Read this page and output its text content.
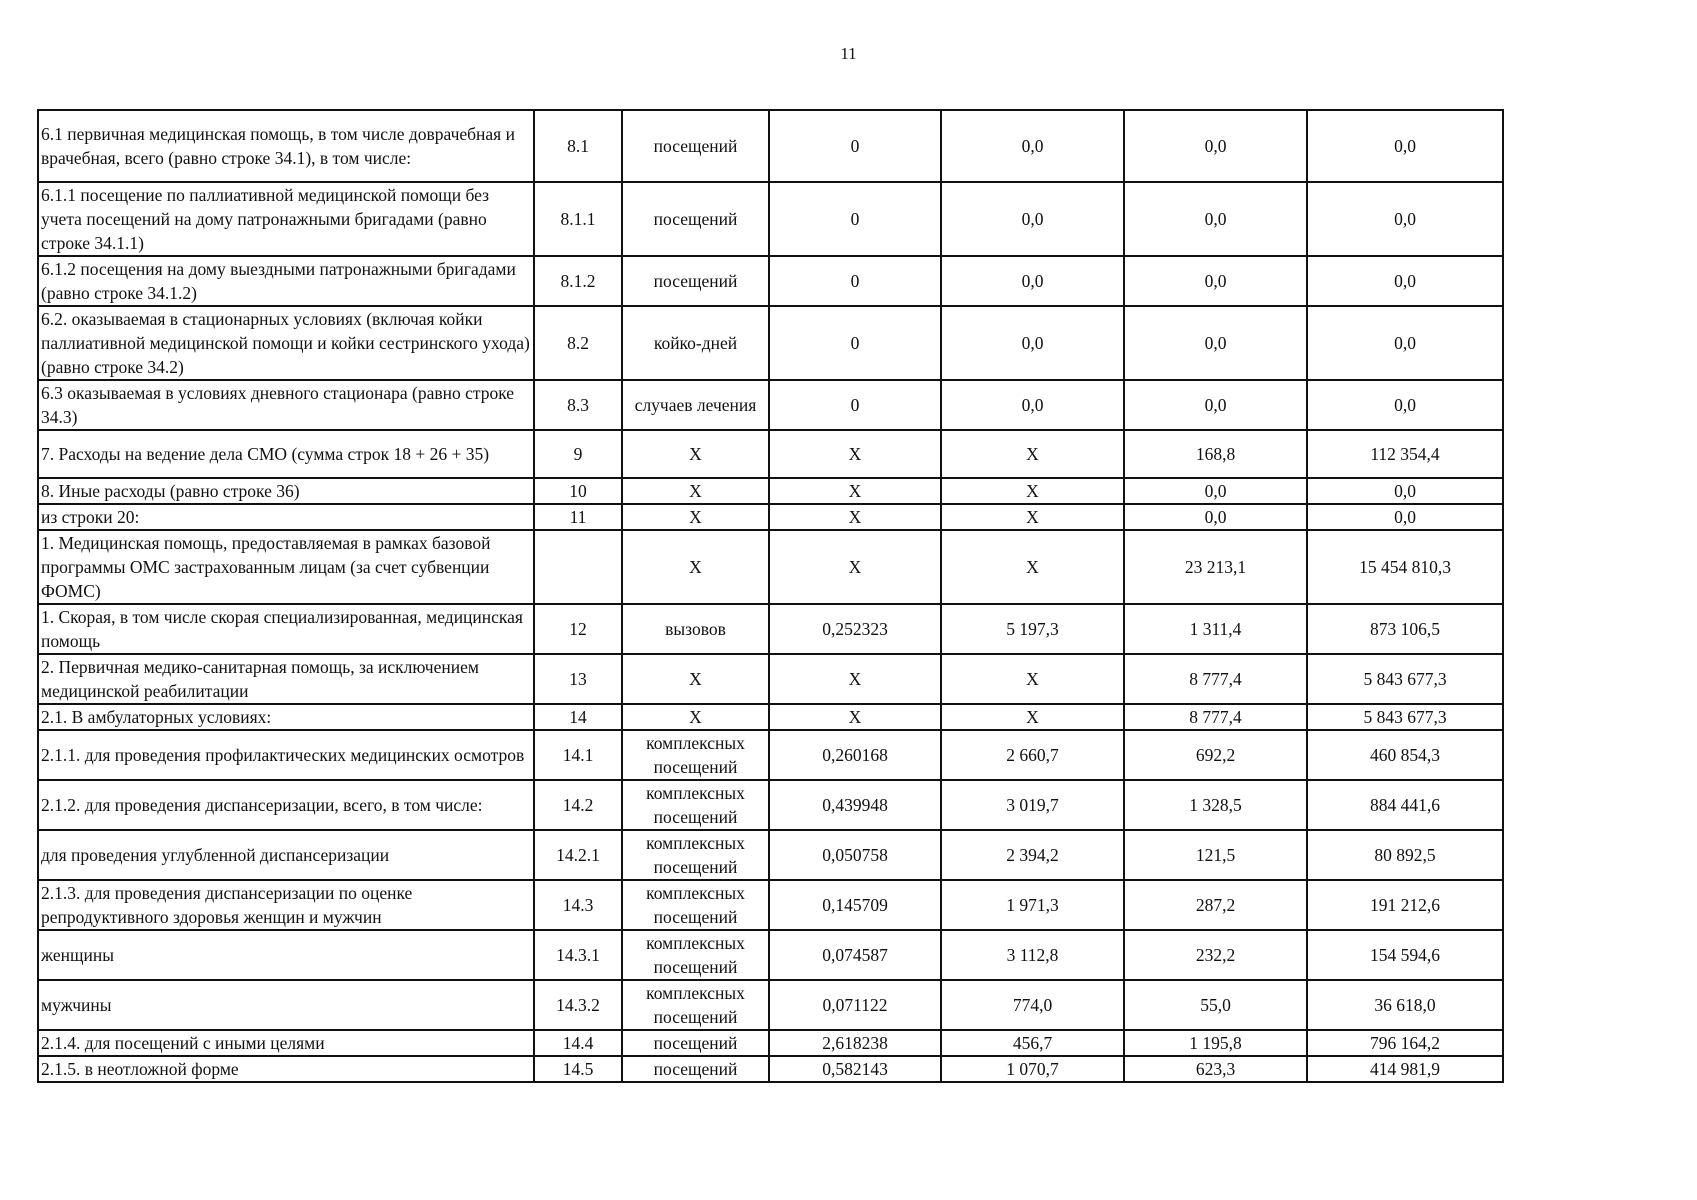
11
6.1 первичная медицинская помощь, в том числе доврачебная и врачебная, всего (равно строке 34.1), в том числе:	8.1	посещений	0	0,0	0,0	0,0
6.1.1 посещение по паллиативной медицинской помощи без учета посещений на дому патронажными бригадами (равно строке 34.1.1)	8.1.1	посещений	0	0,0	0,0	0,0
6.1.2 посещения на дому выездными патронажными бригадами (равно строке 34.1.2)	8.1.2	посещений	0	0,0	0,0	0,0
6.2. оказываемая в стационарных условиях (включая койки паллиативной медицинской помощи и койки сестринского ухода) (равно строке 34.2)	8.2	койко-дней	0	0,0	0,0	0,0
6.3 оказываемая в условиях дневного стационара (равно строке 34.3)	8.3	случаев лечения	0	0,0	0,0	0,0
7. Расходы на ведение дела СМО (сумма строк 18 + 26 + 35)	9	X	X	X	168,8	112 354,4
8. Иные расходы (равно строке 36)	10	X	X	X	0,0	0,0
из строки 20:	11	X	X	X	0,0	0,0
1. Медицинская помощь, предоставляемая в рамках базовой программы ОМС застрахованным лицам (за счет субвенции ФОМС)		X	X	X	23 213,1	15 454 810,3
1. Скорая, в том числе скорая специализированная, медицинская помощь	12	вызовов	0,252323	5 197,3	1 311,4	873 106,5
2. Первичная медико-санитарная помощь, за исключением медицинской реабилитации	13	X	X	X	8 777,4	5 843 677,3
2.1. В амбулаторных условиях:	14	X	X	X	8 777,4	5 843 677,3
2.1.1. для проведения профилактических медицинских осмотров	14.1	комплексных посещений	0,260168	2 660,7	692,2	460 854,3
2.1.2. для проведения диспансеризации, всего, в том числе:	14.2	комплексных посещений	0,439948	3 019,7	1 328,5	884 441,6
для проведения углубленной диспансеризации	14.2.1	комплексных посещений	0,050758	2 394,2	121,5	80 892,5
2.1.3. для проведения диспансеризации по оценке репродуктивного здоровья женщин и мужчин	14.3	комплексных посещений	0,145709	1 971,3	287,2	191 212,6
женщины	14.3.1	комплексных посещений	0,074587	3 112,8	232,2	154 594,6
мужчины	14.3.2	комплексных посещений	0,071122	774,0	55,0	36 618,0
2.1.4. для посещений с иными целями	14.4	посещений	2,618238	456,7	1 195,8	796 164,2
2.1.5. в неотложной форме	14.5	посещений	0,582143	1 070,7	623,3	414 981,9
